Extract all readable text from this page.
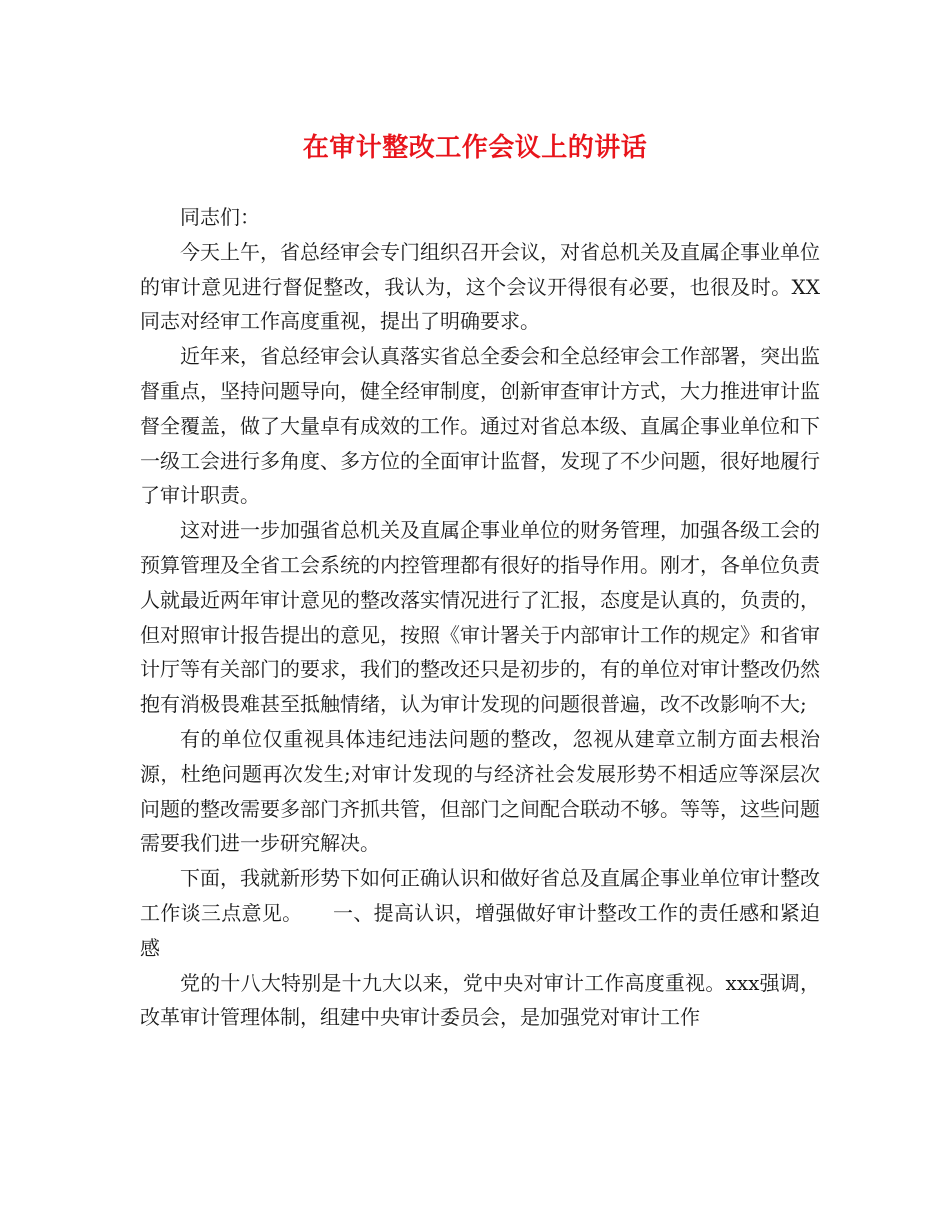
在审计整改工作会议上的讲话

同志们：

今天上午，省总经审会专门组织召开会议，对省总机关及直属企事业单位的审计意见进行督促整改，我认为，这个会议开得很有必要，也很及时。XX同志对经审工作高度重视，提出了明确要求。

近年来，省总经审会认真落实省总全委会和全总经审会工作部署，突出监督重点，坚持问题导向，健全经审制度，创新审查审计方式，大力推进审计监督全覆盖，做了大量卓有成效的工作。通过对省总本级、直属企事业单位和下一级工会进行多角度、多方位的全面审计监督，发现了不少问题，很好地履行了审计职责。

这对进一步加强省总机关及直属企事业单位的财务管理，加强各级工会的预算管理及全省工会系统的内控管理都有很好的指导作用。刚才，各单位负责人就最近两年审计意见的整改落实情况进行了汇报，态度是认真的，负责的，但对照审计报告提出的意见，按照《审计署关于内部审计工作的规定》和省审计厅等有关部门的要求，我们的整改还只是初步的，有的单位对审计整改仍然抱有消极畏难甚至抵触情绪，认为审计发现的问题很普遍，改不改影响不大;

有的单位仅重视具体违纪违法问题的整改，忽视从建章立制方面去根治源，杜绝问题再次发生;对审计发现的与经济社会发展形势不相适应等深层次问题的整改需要多部门齐抓共管，但部门之间配合联动不够。等等，这些问题需要我们进一步研究解决。

下面，我就新形势下如何正确认识和做好省总及直属企事业单位审计整改工作谈三点意见。　　一、提高认识，增强做好审计整改工作的责任感和紧迫感

党的十八大特别是十九大以来，党中央对审计工作高度重视。xxx强调，改革审计管理体制，组建中央审计委员会，是加强党对审计工作
